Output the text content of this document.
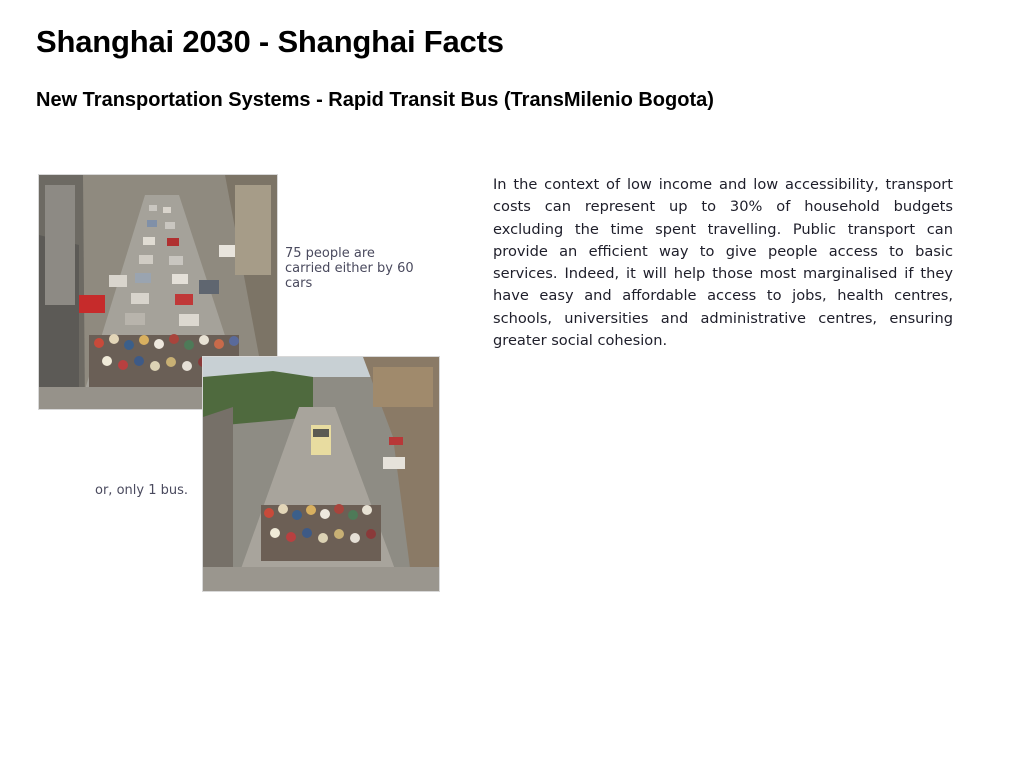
Shanghai 2030 - Shanghai Facts
New Transportation Systems - Rapid Transit Bus (TransMilenio Bogota)
75 people are carried either by 60 cars
or, only 1 bus.

In the context of low income and low accessibility, transport costs can represent up to 30% of household budgets excluding the time spent travelling. Public transport can provide an efficient way to give people access to basic services. Indeed, it will help those most marginalised if they have easy and affordable access to jobs, health centres, schools, universities and administrative centres, ensuring greater social cohesion.
